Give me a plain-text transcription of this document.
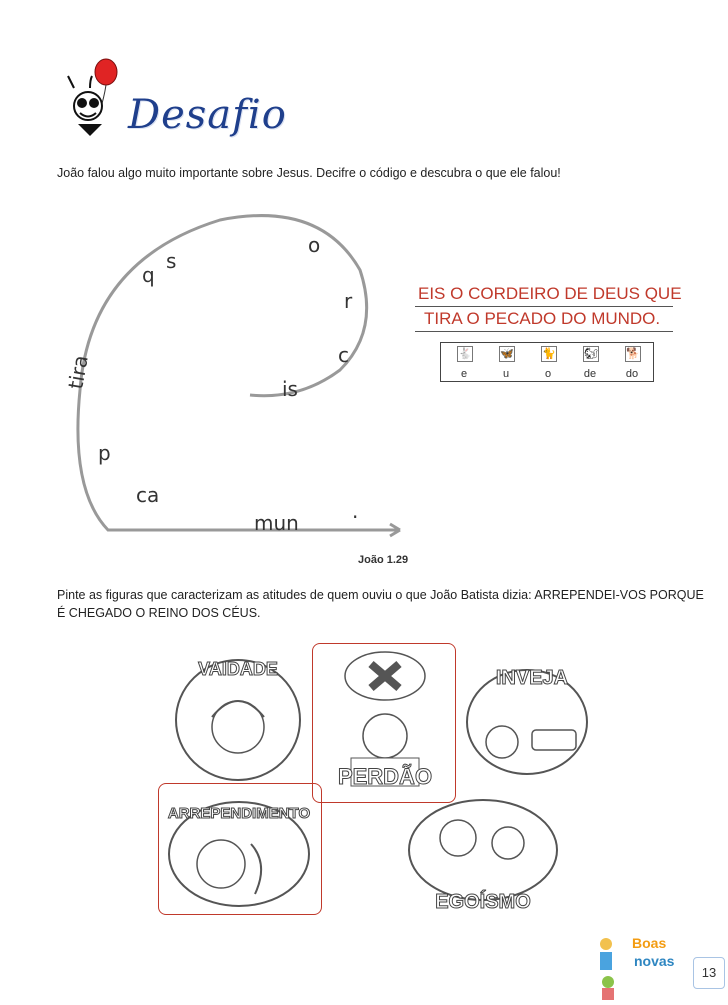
Desafio
João falou algo muito importante sobre Jesus. Decifre o código e descubra o que ele falou!
tira
s
q
o
r
c
is
p
ca
mun	.
EIS O CORDEIRO DE DEUS QUE
TIRA O PECADO DO MUNDO.
🐇
e
🦋
u
🐈
o
🐿
de
🐕
do
João 1.29
Pinte as figuras que caracterizam as atitudes de quem ouviu o que João Batista dizia: ARREPENDEI-VOS PORQUE É CHEGADO O REINO DOS CÉUS.
VAIDADE
PERDÃO
INVEJA
ARREPENDIMENTO
EGOÍSMO
Boas
novas
13
